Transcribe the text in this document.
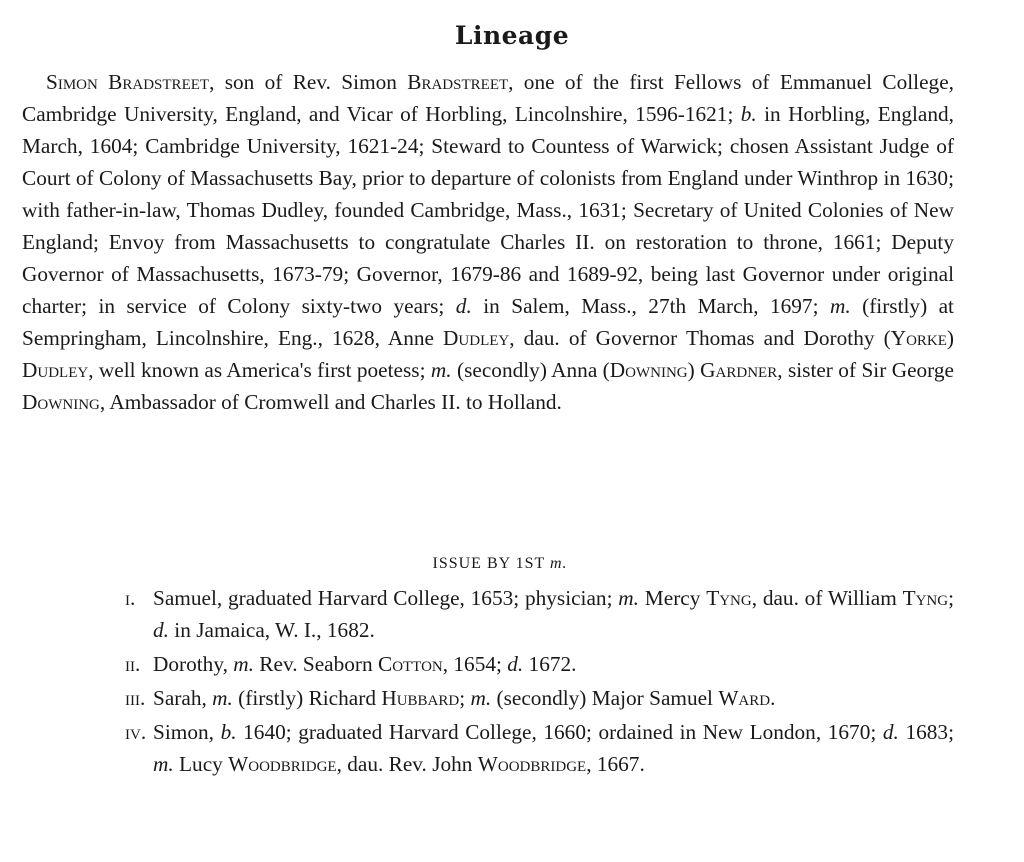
Lineage

Simon Bradstreet, son of Rev. Simon Bradstreet, one of the first Fellows of Emmanuel College, Cambridge University, England, and Vicar of Horbling, Lincolnshire, 1596-1621; b. in Horbling, England, March, 1604; Cambridge University, 1621-24; Steward to Countess of Warwick; chosen Assistant Judge of Court of Colony of Massachusetts Bay, prior to departure of colonists from England under Winthrop in 1630; with father-in-law, Thomas Dudley, founded Cambridge, Mass., 1631; Secretary of United Colonies of New England; Envoy from Massachusetts to congratulate Charles II. on restoration to throne, 1661; Deputy Governor of Massachusetts, 1673-79; Governor, 1679-86 and 1689-92, being last Governor under original charter; in service of Colony sixty-two years; d. in Salem, Mass., 27th March, 1697; m. (firstly) at Sempringham, Lincolnshire, Eng., 1628, Anne Dudley, dau. of Governor Thomas and Dorothy (Yorke) Dudley, well known as America's first poetess; m. (secondly) Anna (Downing) Gardner, sister of Sir George Downing, Ambassador of Cromwell and Charles II. to Holland.

ISSUE BY 1ST m.
i. Samuel, graduated Harvard College, 1653; physician; m. Mercy Tyng, dau. of William Tyng; d. in Jamaica, W. I., 1682.
ii. Dorothy, m. Rev. Seaborn Cotton, 1654; d. 1672.
iii. Sarah, m. (firstly) Richard Hubbard; m. (secondly) Major Samuel Ward.
iv. Simon, b. 1640; graduated Harvard College, 1660; ordained in New London, 1670; d. 1683; m. Lucy Woodbridge, dau. Rev. John Woodbridge, 1667.
